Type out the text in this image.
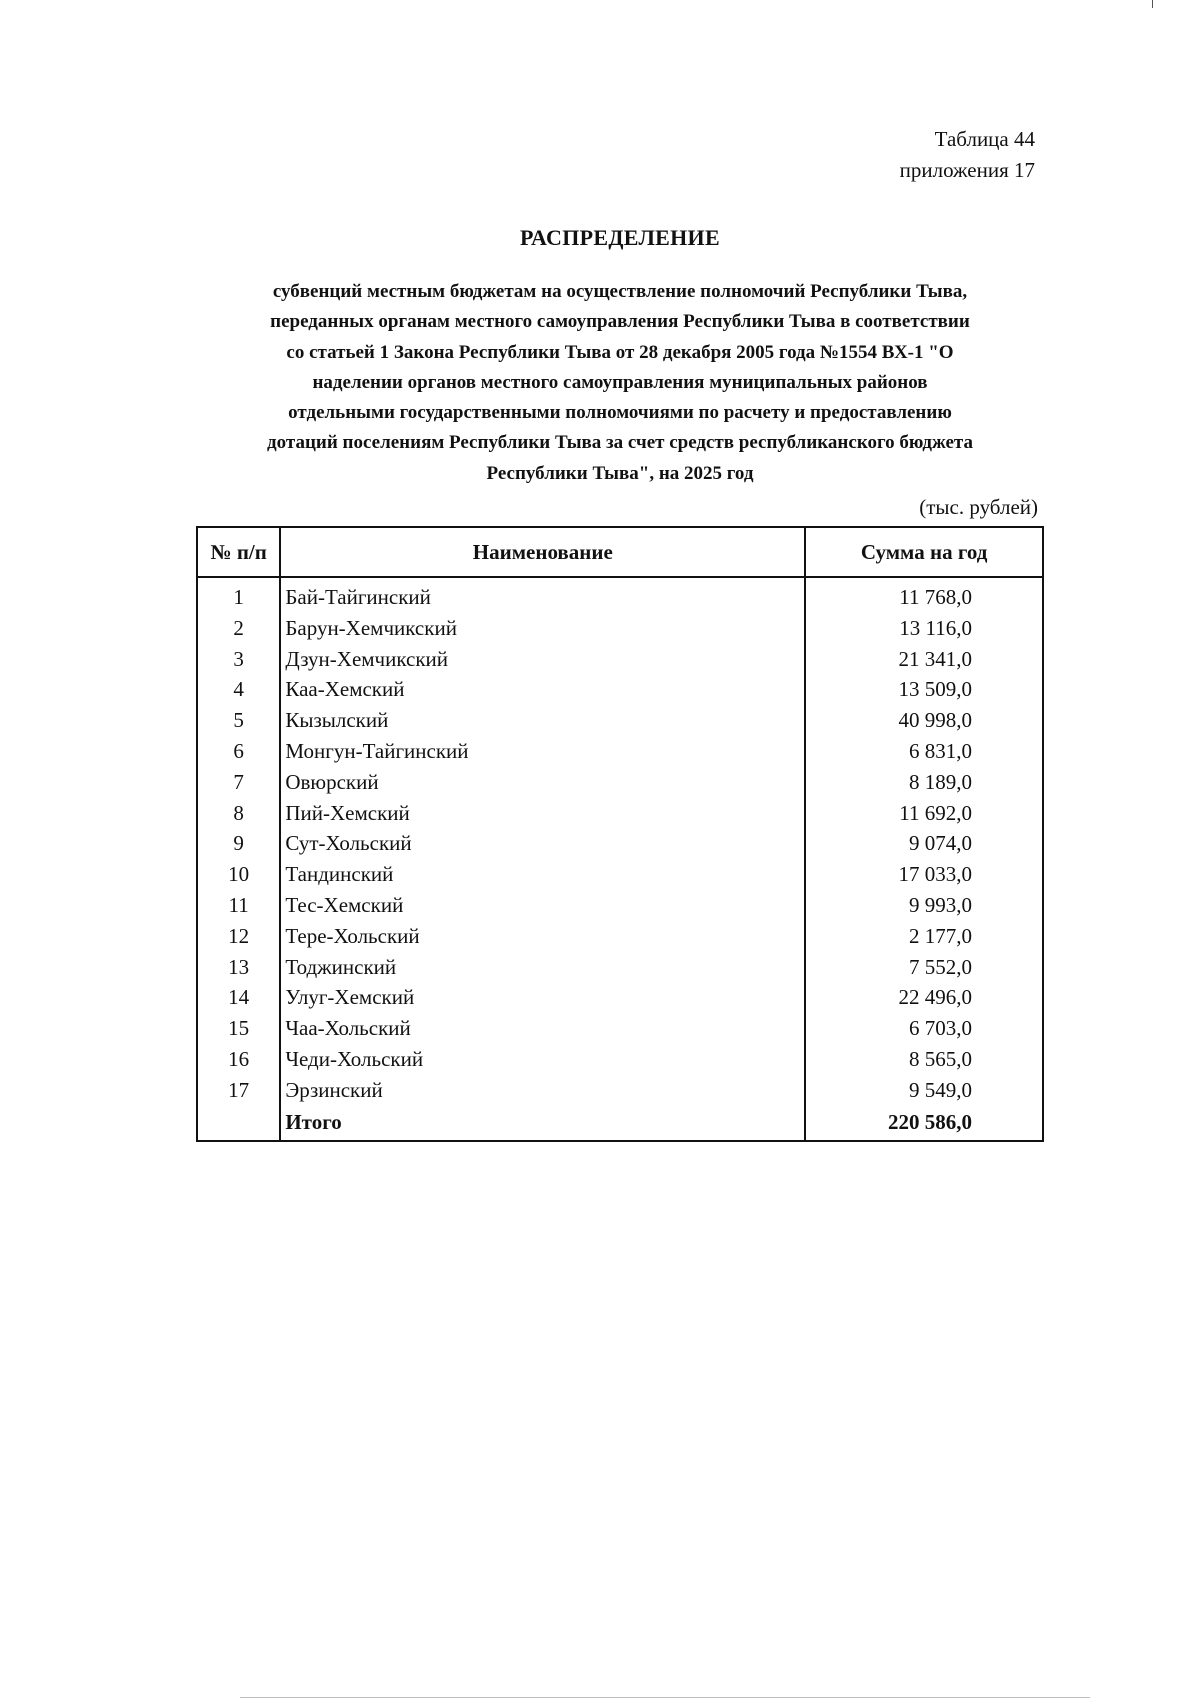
Таблица 44
приложения 17
РАСПРЕДЕЛЕНИЕ
субвенций местным бюджетам на осуществление полномочий Республики Тыва,
переданных органам местного самоуправления Республики Тыва в соответствии
со статьей 1 Закона Республики Тыва от 28 декабря 2005 года №1554 ВХ-1 "О
наделении органов местного самоуправления муниципальных районов
отдельными государственными полномочиями по расчету и предоставлению
дотаций поселениям Республики Тыва за счет средств республиканского бюджета
Республики Тыва", на 2025 год
(тыс. рублей)
№ п/п	Наименование	Сумма на год
1	Бай-Тайгинский	11 768,0
2	Барун-Хемчикский	13 116,0
3	Дзун-Хемчикский	21 341,0
4	Каа-Хемский	13 509,0
5	Кызылский	40 998,0
6	Монгун-Тайгинский	6 831,0
7	Овюрский	8 189,0
8	Пий-Хемский	11 692,0
9	Сут-Хольский	9 074,0
10	Тандинский	17 033,0
11	Тес-Хемский	9 993,0
12	Тере-Хольский	2 177,0
13	Тоджинский	7 552,0
14	Улуг-Хемский	22 496,0
15	Чаа-Хольский	6 703,0
16	Чеди-Хольский	8 565,0
17	Эрзинский	9 549,0
	Итого	220 586,0
